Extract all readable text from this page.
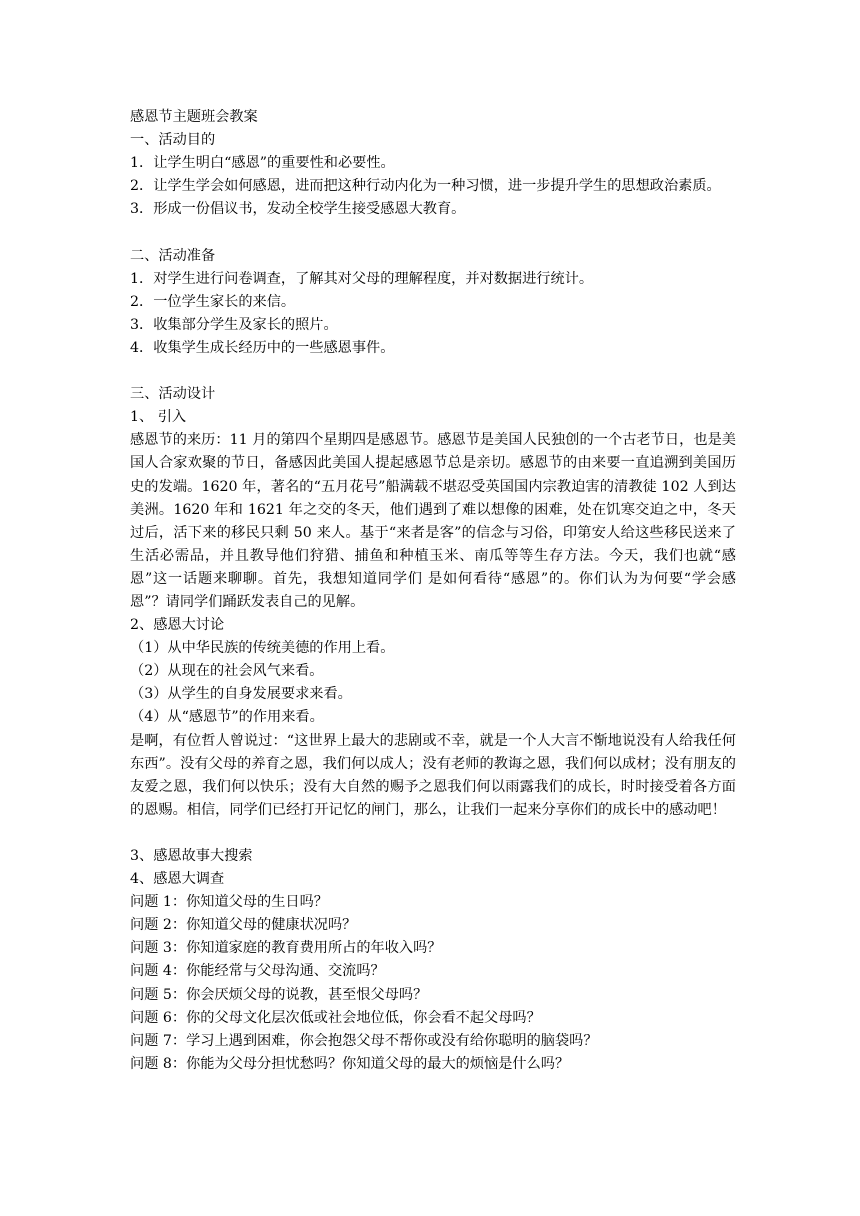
感恩节主题班会教案

一、活动目的

1．让学生明白“感恩”的重要性和必要性。

2．让学生学会如何感恩，进而把这种行动内化为一种习惯，进一步提升学生的思想政治素质。

3．形成一份倡议书，发动全校学生接受感恩大教育。

二、活动准备

1．对学生进行问卷调查，了解其对父母的理解程度，并对数据进行统计。

2．一位学生家长的来信。

3．收集部分学生及家长的照片。

4．收集学生成长经历中的一些感恩事件。

三、活动设计

1、 引入

感恩节的来历：11 月的第四个星期四是感恩节。感恩节是美国人民独创的一个古老节日，也是美国人合家欢聚的节日，备感因此美国人提起感恩节总是亲切。感恩节的由来要一直追溯到美国历史的发端。1620 年，著名的“五月花号”船满载不堪忍受英国国内宗教迫害的清教徒 102 人到达美洲。1620 年和 1621 年之交的冬天，他们遇到了难以想像的困难，处在饥寒交迫之中，冬天过后，活下来的移民只剩 50 来人。基于“来者是客”的信念与习俗，印第安人给这些移民送来了生活必需品，并且教导他们狩猎、捕鱼和种植玉米、南瓜等等生存方法。今天，我们也就“感恩”这一话题来聊聊。首先，我想知道同学们 是如何看待“感恩”的。你们认为为何要“学会感恩”？请同学们踊跃发表自己的见解。

2、感恩大讨论

（1）从中华民族的传统美德的作用上看。

（2）从现在的社会风气来看。

（3）从学生的自身发展要求来看。

（4）从“感恩节”的作用来看。

是啊，有位哲人曾说过：“这世界上最大的悲剧或不幸，就是一个人大言不惭地说没有人给我任何东西”。没有父母的养育之恩，我们何以成人；没有老师的教诲之恩，我们何以成材；没有朋友的友爱之恩，我们何以快乐；没有大自然的赐予之恩我们何以雨露我们的成长，时时接受着各方面的恩赐。相信，同学们已经打开记忆的闸门，那么，让我们一起来分享你们的成长中的感动吧！

3、感恩故事大搜索

4、感恩大调查

问题 1：你知道父母的生日吗？

问题 2：你知道父母的健康状况吗？

问题 3：你知道家庭的教育费用所占的年收入吗？

问题 4：你能经常与父母沟通、交流吗？

问题 5：你会厌烦父母的说教，甚至恨父母吗？

问题 6：你的父母文化层次低或社会地位低，你会看不起父母吗？

问题 7：学习上遇到困难，你会抱怨父母不帮你或没有给你聪明的脑袋吗？

问题 8：你能为父母分担忧愁吗？你知道父母的最大的烦恼是什么吗？
